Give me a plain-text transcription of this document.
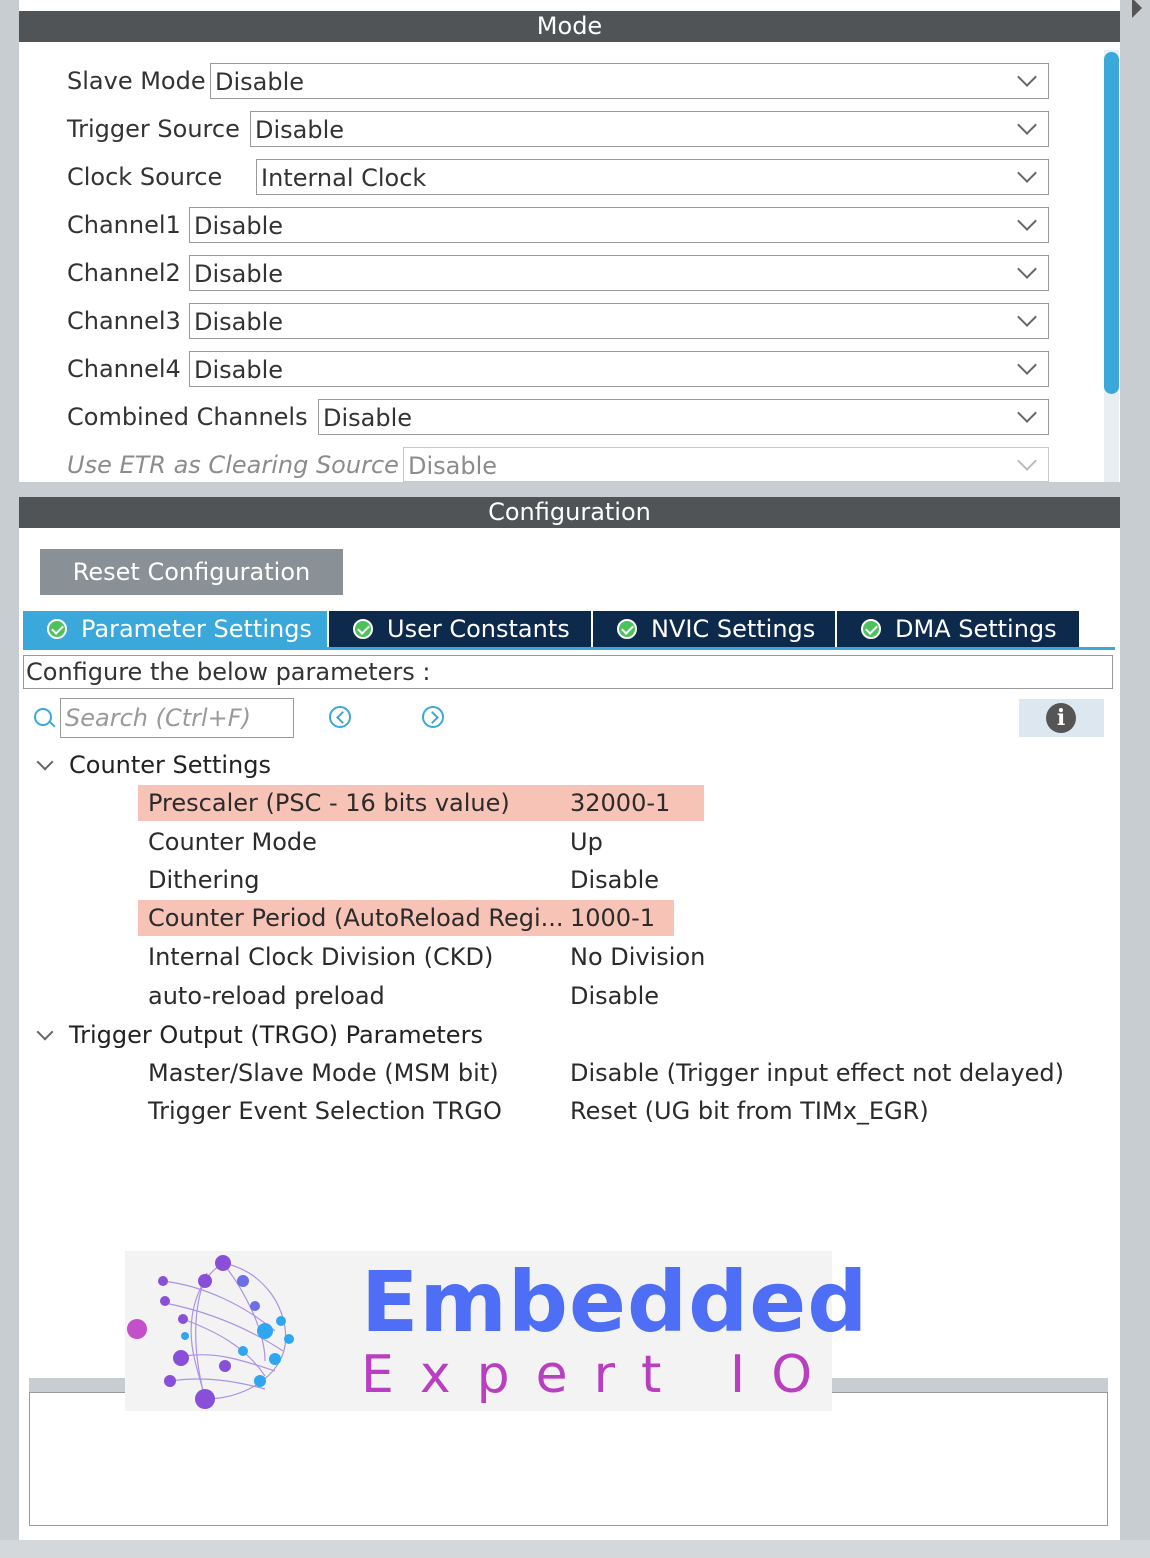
Mode
Slave Mode Disable
Trigger Source Disable
Clock Source Internal Clock
Channel1 Disable
Channel2 Disable
Channel3 Disable
Channel4 Disable
Combined Channels Disable
Use ETR as Clearing Source Disable
Configuration
Reset Configuration
Parameter Settings	User Constants	NVIC Settings	DMA Settings
Configure the below parameters :
Search (Ctrl+F)
i
Counter Settings
Prescaler (PSC - 16 bits value)	32000-1
Counter Mode	Up
Dithering	Disable
Counter Period (AutoReload Regi... 1000-1
Internal Clock Division (CKD)	No Division
auto-reload preload	Disable
Trigger Output (TRGO) Parameters
Master/Slave Mode (MSM bit)	Disable (Trigger input effect not delayed)
Trigger Event Selection TRGO	Reset (UG bit from TIMx_EGR)
Embedded
Expert IO
